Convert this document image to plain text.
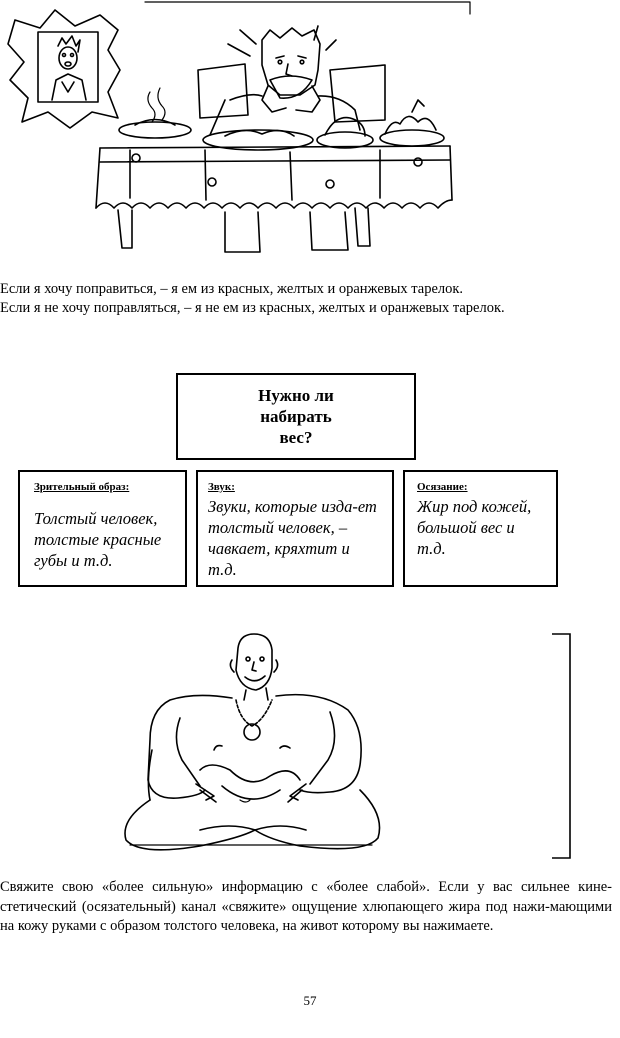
Если я хочу поправиться, – я ем из красных, желтых и оранжевых тарелок.
Если я не хочу поправляться, – я не ем из красных, желтых и оранжевых тарелок.
Нужно ли
набирать
вес?
Зрительный образ:
Толстый человек, толстые красные губы и т.д.
Звук:
Звуки, которые изда-ет толстый человек, – чавкает, кряхтит и т.д.
Осязание:
Жир под кожей, большой вес и т.д.
Свяжите свою «более сильную» информацию с «более слабой». Если у вас сильнее кине-стетический (осязательный) канал «свяжите» ощущение хлюпающего жира под нажи-мающими на кожу руками с образом толстого человека, на живот которому вы нажимаете.
57
